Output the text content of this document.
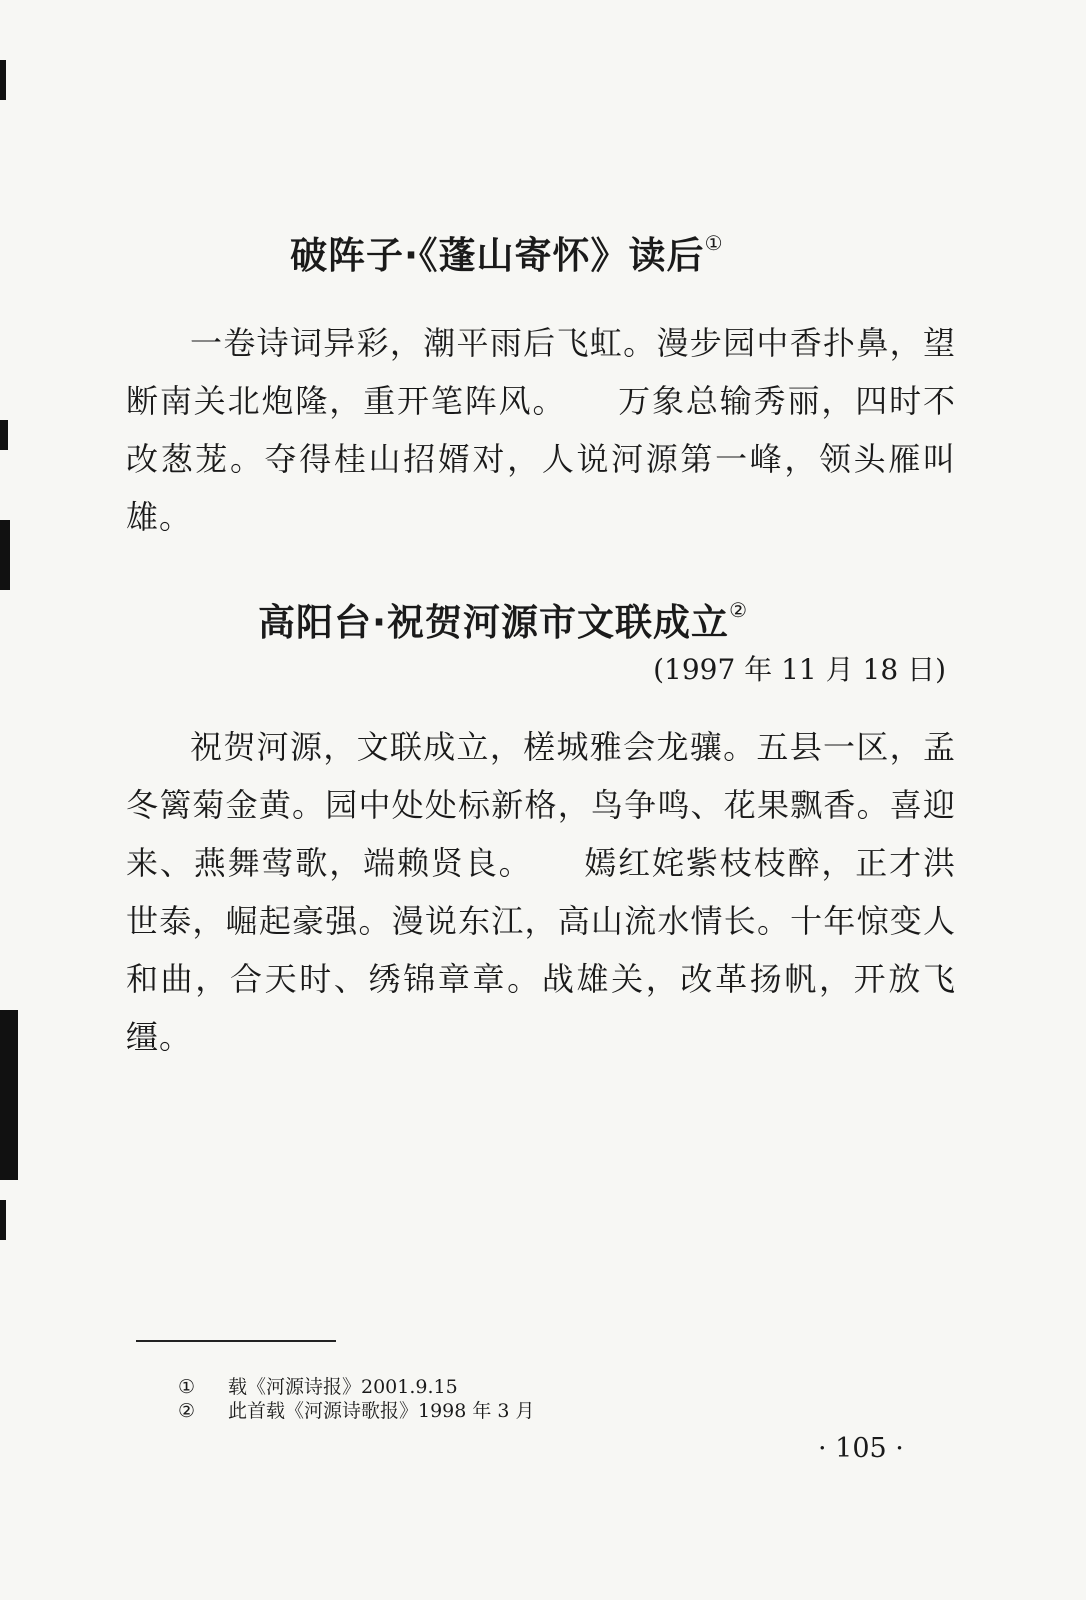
破阵子·《蓬山寄怀》读后①
一卷诗词异彩，潮平雨后飞虹。漫步园中香扑鼻，望断南关北炮隆，重开笔阵风。　　万象总输秀丽，四时不改葱茏。夺得桂山招婿对，人说河源第一峰，领头雁叫雄。
高阳台·祝贺河源市文联成立②
(1997 年 11 月 18 日)
祝贺河源，文联成立，槎城雅会龙骧。五县一区，孟冬篱菊金黄。园中处处标新格，鸟争鸣、花果飘香。喜迎来、燕舞莺歌，端赖贤良。　　嫣红姹紫枝枝醉，正才洪世泰，崛起豪强。漫说东江，高山流水情长。十年惊变人和曲，合天时、绣锦章章。战雄关，改革扬帆，开放飞缰。
① 载《河源诗报》2001.9.15
② 此首载《河源诗歌报》1998 年 3 月
· 105 ·
